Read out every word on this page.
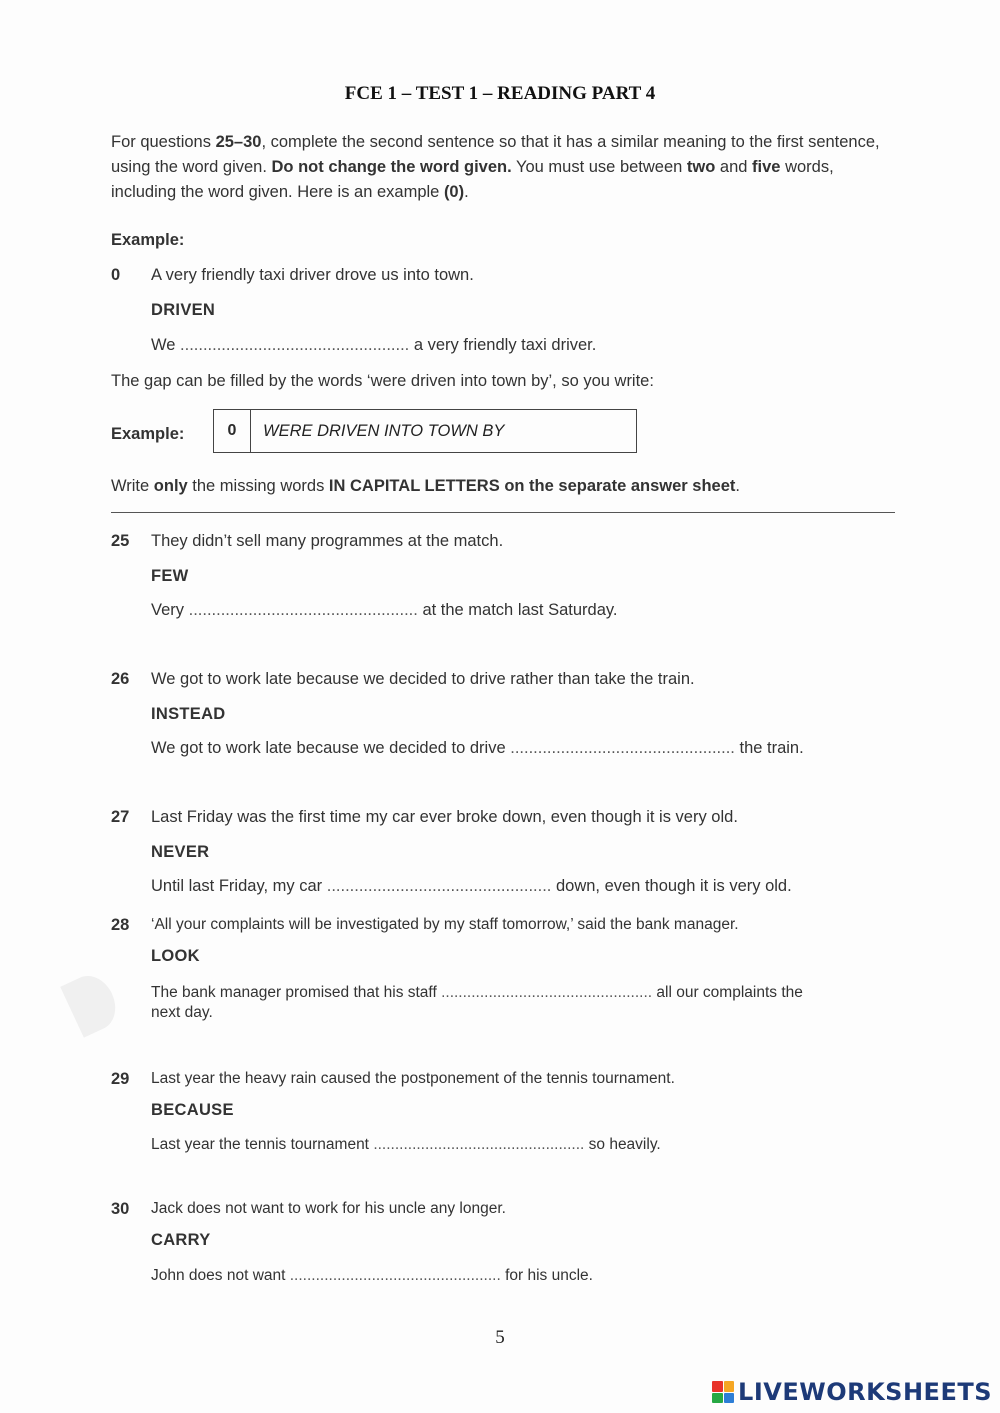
FCE 1 – TEST 1 – READING PART 4
For questions 25–30, complete the second sentence so that it has a similar meaning to the first sentence, using the word given. Do not change the word given. You must use between two and five words, including the word given. Here is an example (0).
Example:
0 A very friendly taxi driver drove us into town.
DRIVEN
We .................................................. a very friendly taxi driver.
The gap can be filled by the words ‘were driven into town by’, so you write:
Example:	0	WERE DRIVEN INTO TOWN BY
Write only the missing words IN CAPITAL LETTERS on the separate answer sheet.
25 They didn’t sell many programmes at the match.
FEW
Very .................................................. at the match last Saturday.
26 We got to work late because we decided to drive rather than take the train.
INSTEAD
We got to work late because we decided to drive ................................................. the train.
27 Last Friday was the first time my car ever broke down, even though it is very old.
NEVER
Until last Friday, my car ................................................. down, even though it is very old.
28 ‘All your complaints will be investigated by my staff tomorrow,’ said the bank manager.
LOOK
The bank manager promised that his staff ................................................. all our complaints the
next day.
29 Last year the heavy rain caused the postponement of the tennis tournament.
BECAUSE
Last year the tennis tournament ................................................. so heavily.
30 Jack does not want to work for his uncle any longer.
CARRY
John does not want ................................................. for his uncle.
5
LIVEWORKSHEETS
